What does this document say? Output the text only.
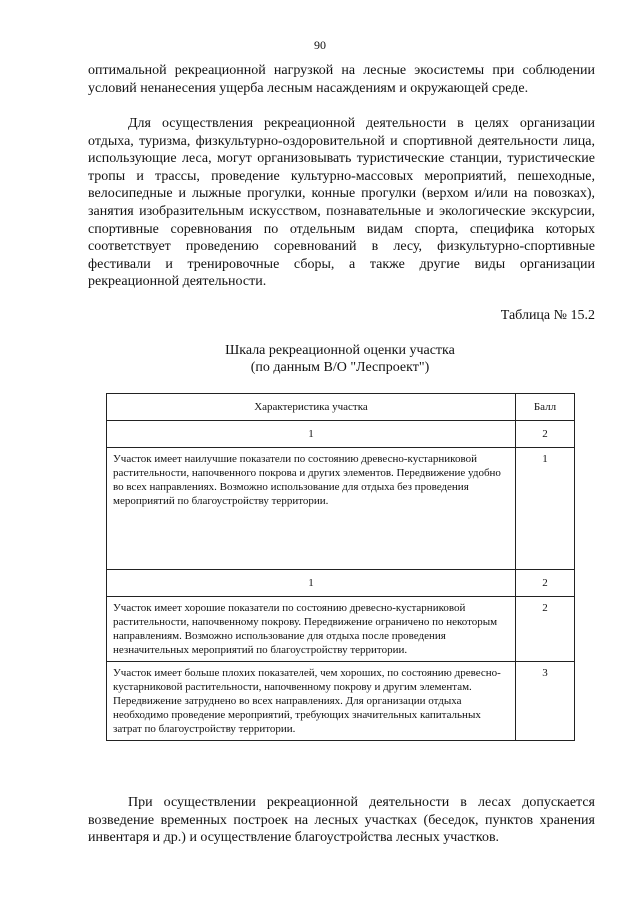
90

оптимальной рекреационной нагрузкой на лесные экосистемы при соблюдении условий ненанесения ущерба лесным насаждениям и окружающей среде.

Для осуществления рекреационной деятельности в целях организации отдыха, туризма, физкультурно-оздоровительной и спортивной деятельности лица, использующие леса, могут организовывать туристические станции, туристические тропы и трассы, проведение культурно-массовых мероприятий, пешеходные, велосипедные и лыжные прогулки, конные прогулки (верхом и/или на повозках), занятия изобразительным искусством, познавательные и экологические экскурсии, спортивные соревнования по отдельным видам спорта, специфика которых соответствует проведению соревнований в лесу, физкультурно-спортивные фестивали и тренировочные сборы, а также другие виды организации рекреационной деятельности.

Таблица № 15.2
Шкала рекреационной оценки участка
(по данным В/О "Леспроект")
Характеристика участка	Балл
1	2
Участок имеет наилучшие показатели по состоянию древесно-кустарниковой растительности, напочвенного покрова и других элементов. Передвижение удобно во всех направлениях. Возможно использование для отдыха без проведения мероприятий по благоустройству территории.	1
1	2
Участок имеет хорошие показатели по состоянию древесно-кустарниковой растительности, напочвенному покрову. Передвижение ограничено по некоторым направлениям. Возможно использование для отдыха после проведения незначительных мероприятий по благоустройству территории.	2
Участок имеет больше плохих показателей, чем хороших, по состоянию древесно-кустарниковой растительности, напочвенному покрову и другим элементам. Передвижение затруднено во всех направлениях. Для организации отдыха необходимо проведение мероприятий, требующих значительных капитальных затрат по благоустройству территории.	3

При осуществлении рекреационной деятельности в лесах допускается возведение временных построек на лесных участках (беседок, пунктов хранения инвентаря и др.) и осуществление благоустройства лесных участков.
